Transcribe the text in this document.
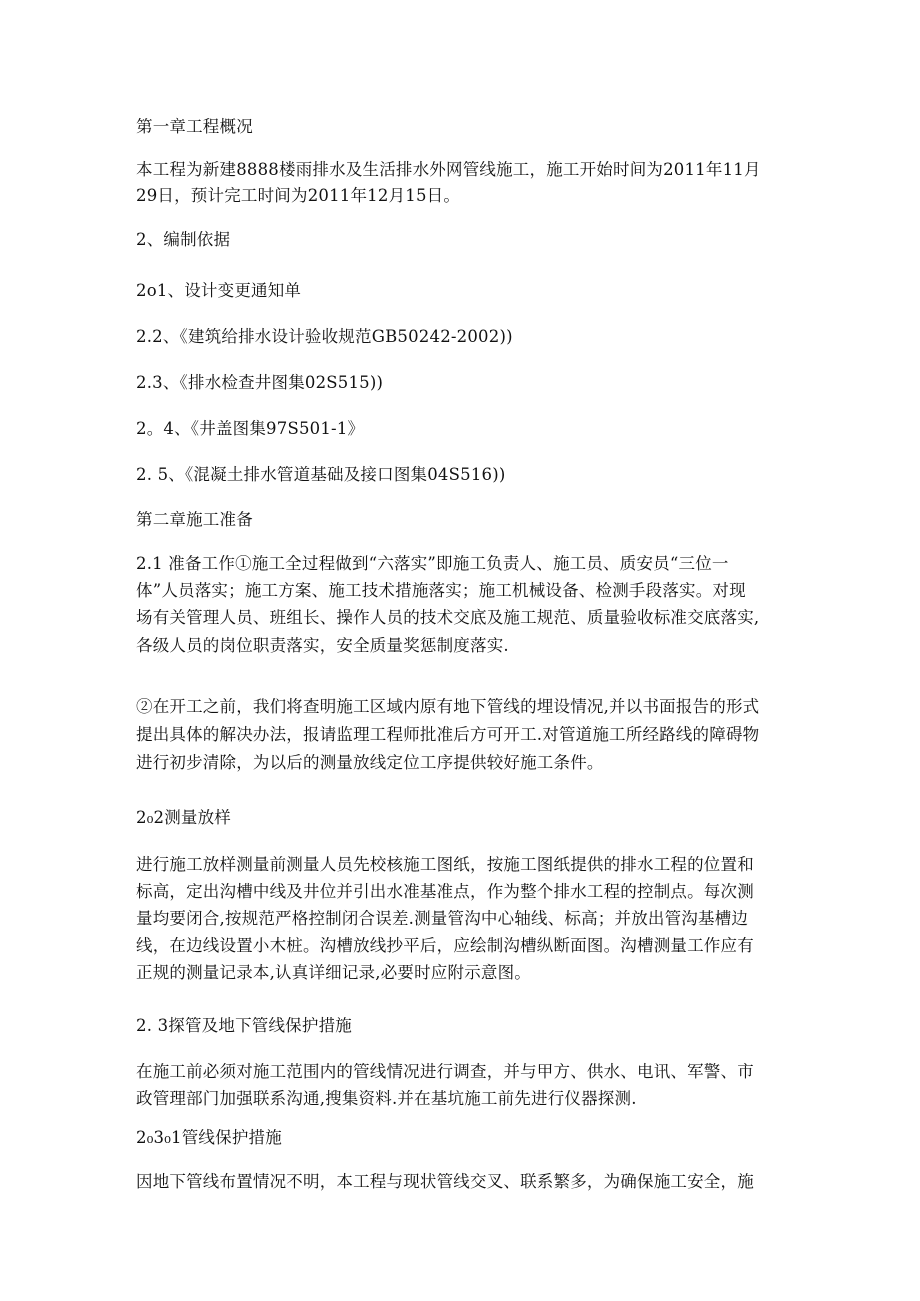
第一章工程概况
本工程为新建8888楼雨排水及生活排水外网管线施工，施工开始时间为2011年11月
29日，预计完工时间为2011年12月15日。
2、编制依据
2o1、设计变更通知单
2.2、《建筑给排水设计验收规范GB50242-2002))
2.3、《排水检查井图集02S515))
2。4、《井盖图集97S501-1》
2. 5、《混凝土排水管道基础及接口图集04S516))
第二章施工准备
2.1 准备工作①施工全过程做到“六落实”即施工负责人、施工员、质安员“三位一
体”人员落实；施工方案、施工技术措施落实；施工机械设备、检测手段落实。对现
场有关管理人员、班组长、操作人员的技术交底及施工规范、质量验收标准交底落实,
各级人员的岗位职责落实，安全质量奖惩制度落实.
②在开工之前，我们将查明施工区域内原有地下管线的埋设情况,并以书面报告的形式
提出具体的解决办法，报请监理工程师批准后方可开工.对管道施工所经路线的障碍物
进行初步清除，为以后的测量放线定位工序提供较好施工条件。
2₀2测量放样
进行施工放样测量前测量人员先校核施工图纸，按施工图纸提供的排水工程的位置和
标高，定出沟槽中线及井位并引出水准基准点，作为整个排水工程的控制点。每次测
量均要闭合,按规范严格控制闭合误差.测量管沟中心轴线、标高；并放出管沟基槽边
线，在边线设置小木桩。沟槽放线抄平后，应绘制沟槽纵断面图。沟槽测量工作应有
正规的测量记录本,认真详细记录,必要时应附示意图。
2. 3探管及地下管线保护措施
在施工前必须对施工范围内的管线情况进行调查，并与甲方、供水、电讯、军警、市
政管理部门加强联系沟通,搜集资料.并在基坑施工前先进行仪器探测.
2₀3₀1管线保护措施
因地下管线布置情况不明，本工程与现状管线交叉、联系繁多，为确保施工安全，施
